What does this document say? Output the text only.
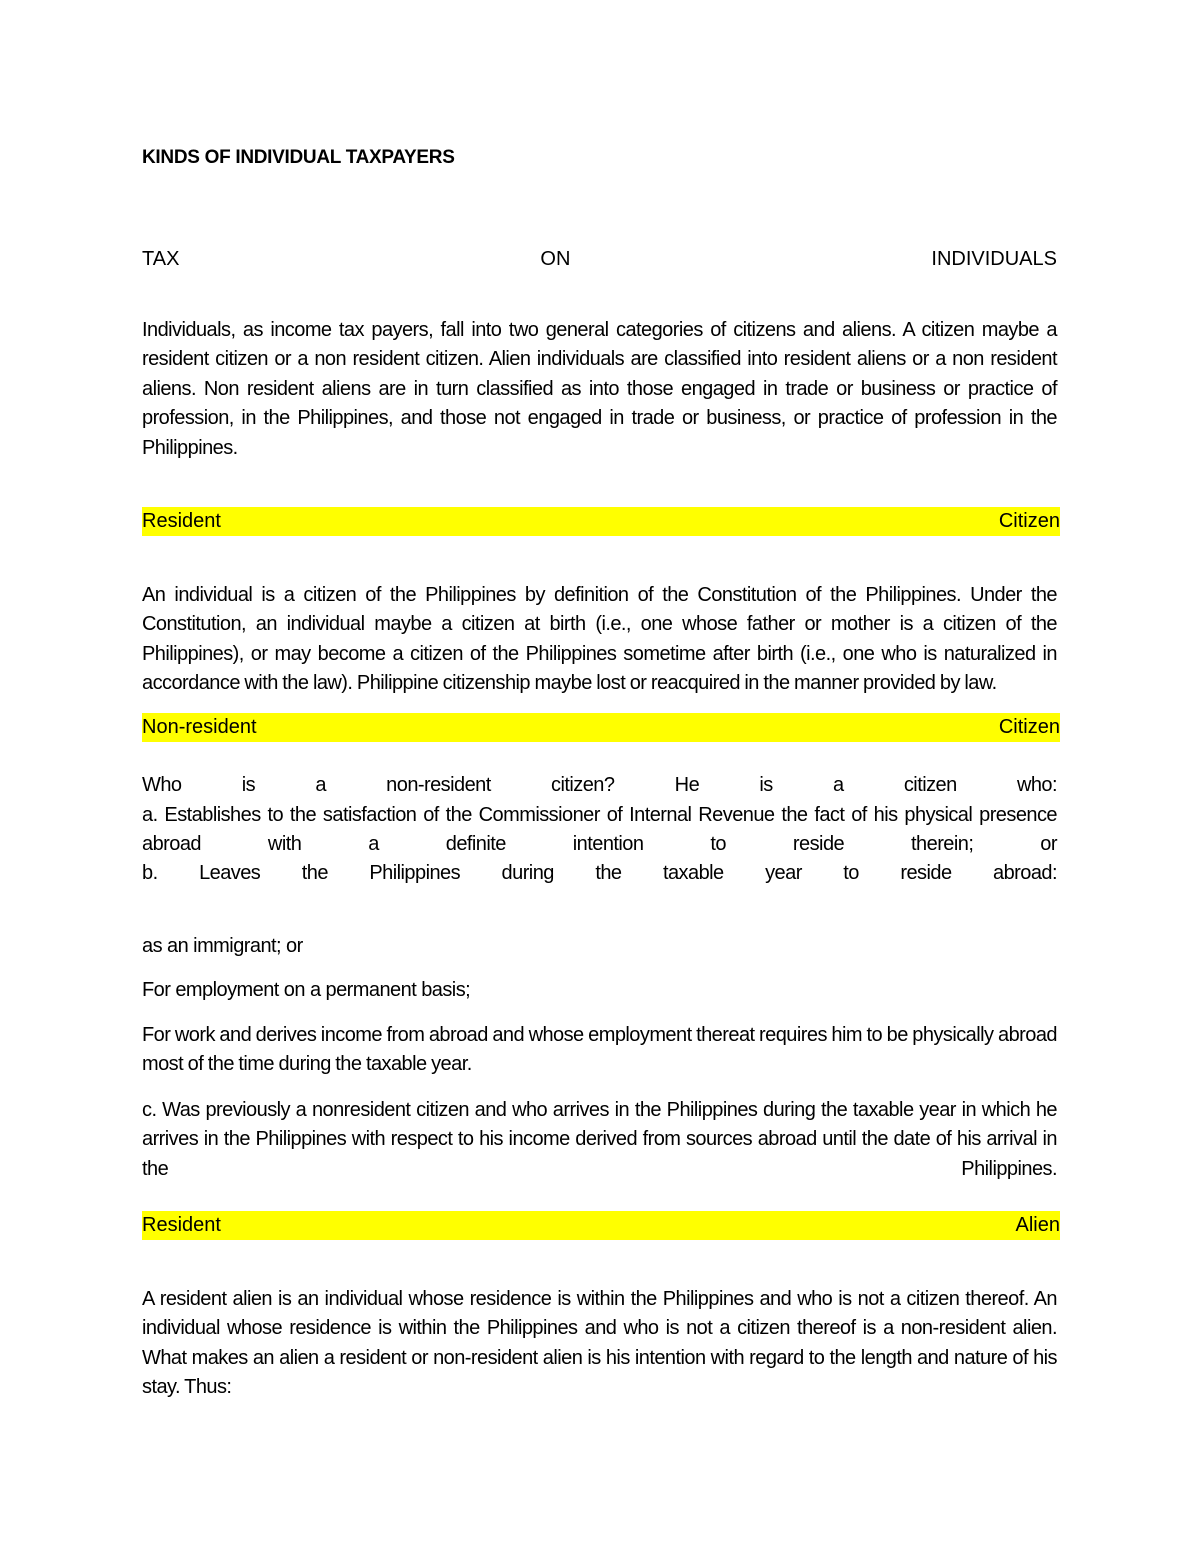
KINDS OF INDIVIDUAL TAXPAYERS
TAX	ON	INDIVIDUALS

Individuals, as income tax payers, fall into two general categories of citizens and aliens. A citizen maybe a resident citizen or a non resident citizen. Alien individuals are classified into resident aliens or a non resident aliens. Non resident aliens are in turn classified as into those engaged in trade or business or practice of profession, in the Philippines, and those not engaged in trade or business, or practice of profession in the Philippines.

Resident	Citizen

An individual is a citizen of the Philippines by definition of the Constitution of the Philippines. Under the Constitution, an individual maybe a citizen at birth (i.e., one whose father or mother is a citizen of the Philippines), or may become a citizen of the Philippines sometime after birth (i.e., one who is naturalized in accordance with the law). Philippine citizenship maybe lost or reacquired in the manner provided by law.

Non-resident	Citizen

Who is a non-resident citizen? He is a citizen who:

a. Establishes to the satisfaction of the Commissioner of Internal Revenue the fact of his physical presence abroad with a definite intention to reside therein; or

b. Leaves the Philippines during the taxable year to reside abroad:

as an immigrant; or
For employment on a permanent basis;

For work and derives income from abroad and whose employment thereat requires him to be physically abroad most of the time during the taxable year.

c. Was previously a nonresident citizen and who arrives in the Philippines during the taxable year in which he arrives in the Philippines with respect to his income derived from sources abroad until the date of his arrival in the Philippines.

Resident	Alien

A resident alien is an individual whose residence is within the Philippines and who is not a citizen thereof. An individual whose residence is within the Philippines and who is not a citizen thereof is a non-resident alien. What makes an alien a resident or non-resident alien is his intention with regard to the length and nature of his stay. Thus:
